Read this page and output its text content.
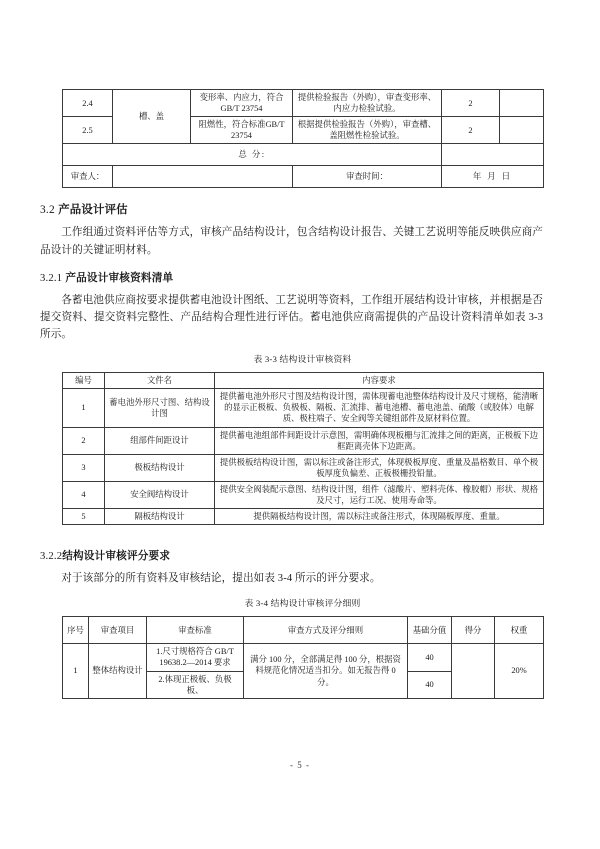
2.4	槽、盖	变形率、内应力，符合GB/T 23754	提供检验报告（外购），审查变形率、内应力检验试验。	2	
2.5		阻燃性，符合标准GB/T 23754	根据提供检验报告（外购），审查槽、盖阻燃性检验试验。	2	
总 分:					
审查人：			审查时间：	年 月 日	
3.2 产品设计评估

工作组通过资料评估等方式，审核产品结构设计，包含结构设计报告、关键工艺说明等能反映供应商产品设计的关键证明材料。

3.2.1 产品设计审核资料清单

各蓄电池供应商按要求提供蓄电池设计图纸、工艺说明等资料，工作组开展结构设计审核，并根据是否提交资料、提交资料完整性、产品结构合理性进行评估。蓄电池供应商需提供的产品设计资料清单如表 3-3 所示。

表 3-3 结构设计审核资料

编号	文件名	内容要求
1	蓄电池外形尺寸图、结构设计图	提供蓄电池外形尺寸图及结构设计图，需体现蓄电池整体结构设计及尺寸规格，能清晰的显示正极板、负极板、隔板、汇流排、蓄电池槽、蓄电池盖、硫酸（或胶体）电解质、极柱端子、安全阀等关键组部件及原材料位置。
2	组部件间距设计	提供蓄电池组部件间距设计示意图，需明确体现板栅与汇流排之间的距离，正极板下边框距离壳体下边距离。
3	极板结构设计	提供极板结构设计图，需以标注或备注形式，体现极板厚度、重量及晶格数目、单个极板厚度负偏差、正板极栅投铅量。
4	安全阀结构设计	提供安全阀装配示意图、结构设计图，组件（滤酸片、塑料壳体、橡胶帽）形状、规格及尺寸，运行工况、使用寿命等。
5	隔板结构设计	提供隔板结构设计图，需以标注或备注形式，体现隔板厚度、重量。
3.2.2结构设计审核评分要求

对于该部分的所有资料及审核结论，提出如表 3-4 所示的评分要求。

表 3-4 结构设计审核评分细则

序号	审查项目	审查标准	审查方式及评分细则	基础分值	得分	权重
1	整体结构设计	1.尺寸规格符合 GB/T 19638.2—2014 要求	满分 100 分，全部满足得 100 分，根据资料规范化情况适当扣分。如无报告得 0 分。	40		20%
		2.体现正极板、负极板、		40		
- 5 -
